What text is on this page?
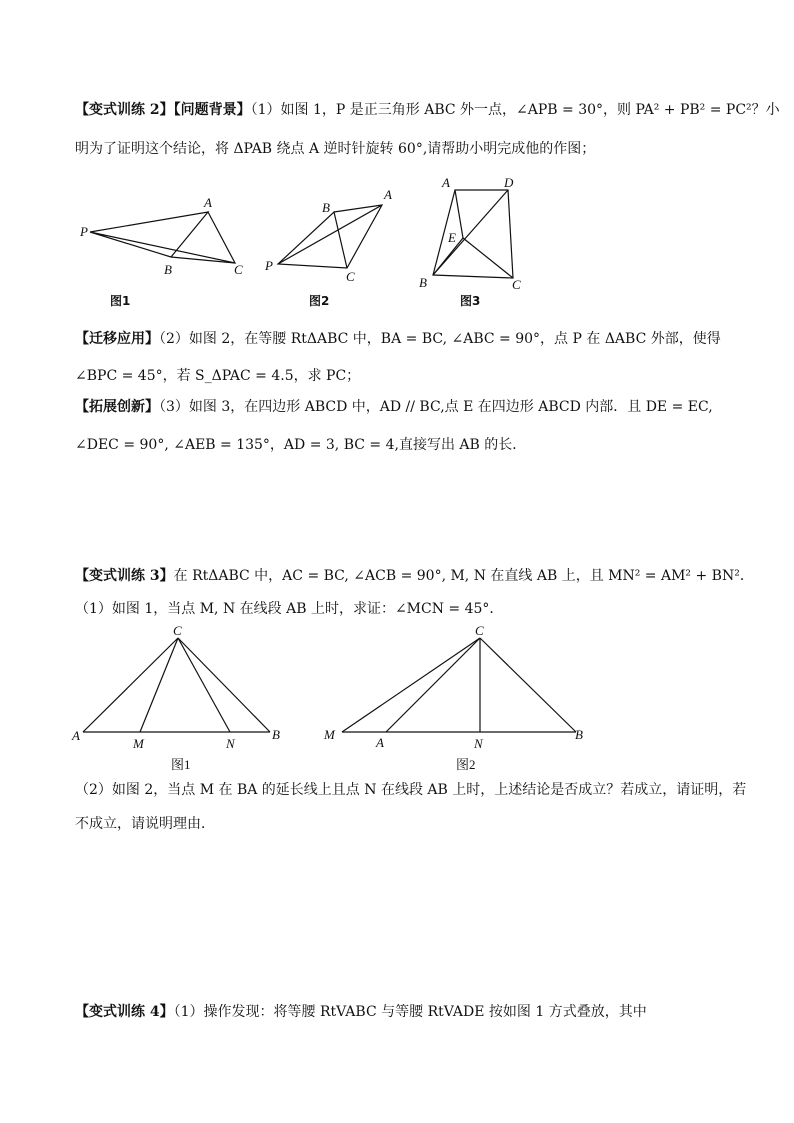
【变式训练 2】【问题背景】（1）如图 1，P 是正三角形 ABC 外一点，∠APB = 30°，则 PA² + PB² = PC²？小
明为了证明这个结论，将 ΔPAB 绕点 A 逆时针旋转 60°,请帮助小明完成他的作图；
P
A
B	C
图1
B
A
P
C
图2
A	D
E
B	C
图3
【迁移应用】（2）如图 2，在等腰 RtΔABC 中，BA = BC, ∠ABC = 90°，点 P 在 ΔABC 外部，使得
∠BPC = 45°，若 S_ΔPAC = 4.5，求 PC；
【拓展创新】（3）如图 3，在四边形 ABCD 中，AD // BC,点 E 在四边形 ABCD 内部．且 DE = EC,
∠DEC = 90°, ∠AEB = 135°，AD = 3, BC = 4,直接写出 AB 的长．
【变式训练 3】在 RtΔABC 中，AC = BC, ∠ACB = 90°, M, N 在直线 AB 上，且 MN² = AM² + BN²．
（1）如图 1，当点 M, N 在线段 AB 上时，求证：∠MCN = 45°．
C
A
M	N
B
图1
C
M
A	N
B
图2
（2）如图 2，当点 M 在 BA 的延长线上且点 N 在线段 AB 上时，上述结论是否成立？若成立，请证明，若
不成立，请说明理由．
【变式训练 4】（1）操作发现：将等腰 RtVABC 与等腰 RtVADE 按如图 1 方式叠放，其中
